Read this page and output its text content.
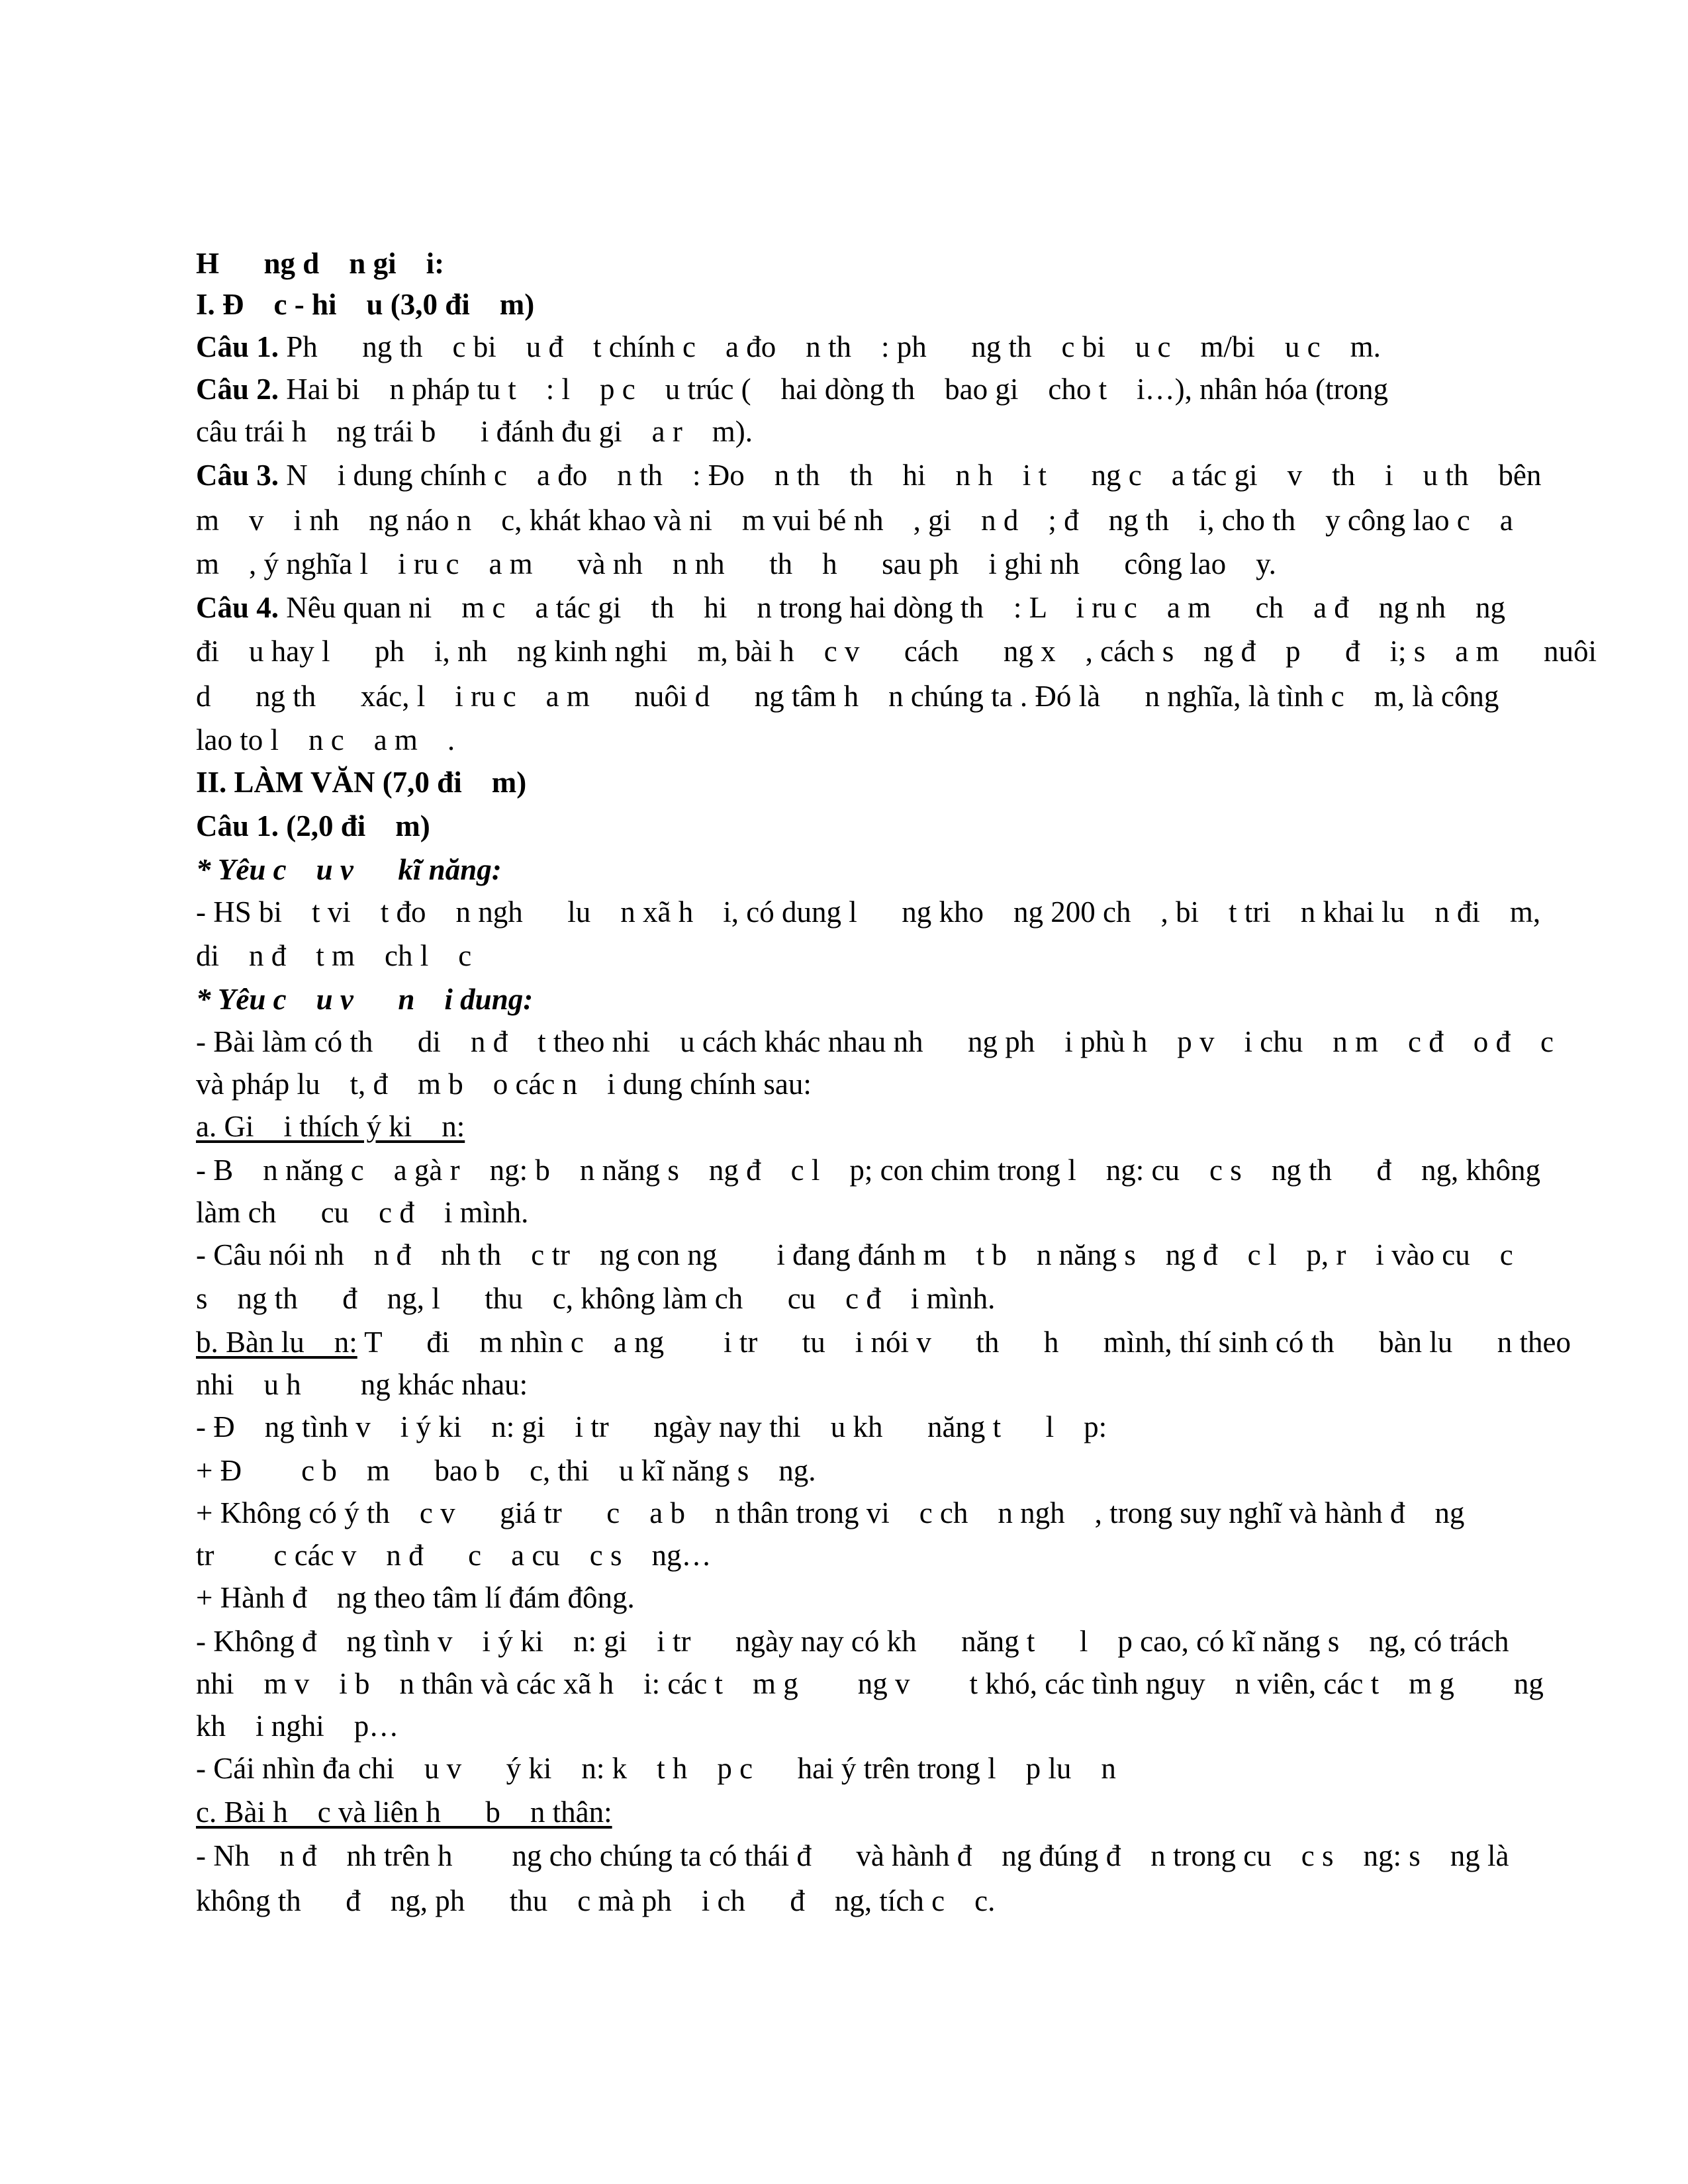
H      ng d    n gi    i:
I. Đ    c - hi    u (3,0 đi    m)
Câu 1. Ph      ng th    c bi    u đ    t chính c    a đo    n th    : ph      ng th    c bi    u c    m/bi    u c    m.
Câu 2. Hai bi    n pháp tu t    : l    p c    u trúc (    hai dòng th    bao gi    cho t    i…), nhân hóa (trong
câu trái h    ng trái b      i đánh đu gi    a r    m).
Câu 3. N    i dung chính c    a đo    n th    : Đo    n th    th    hi    n h    i t      ng c    a tác gi    v    th    i    u th    bên
m    v    i nh    ng náo n    c, khát khao và ni    m vui bé nh    , gi    n d    ; đ    ng th    i, cho th    y công lao c    a
m    , ý nghĩa l    i ru c    a m      và nh    n nh      th    h      sau ph    i ghi nh      công lao    y.
Câu 4. Nêu quan ni    m c    a tác gi    th    hi    n trong hai dòng th    : L    i ru c    a m      ch    a đ    ng nh    ng
đi    u hay l      ph    i, nh    ng kinh nghi    m, bài h    c v      cách      ng x    , cách s    ng đ    p      đ    i; s    a m      nuôi
d      ng th      xác, l    i ru c    a m      nuôi d      ng tâm h    n chúng ta . Đó là      n nghĩa, là tình c    m, là công
lao to l    n c    a m    .
II. LÀM VĂN (7,0 đi    m)
Câu 1. (2,0 đi    m)
* Yêu c    u v      kĩ năng:
- HS bi    t vi    t đo    n ngh      lu    n xã h    i, có dung l      ng kho    ng 200 ch    , bi    t tri    n khai lu    n đi    m,
di    n đ    t m    ch l    c
* Yêu c    u v      n    i dung:
- Bài làm có th      di    n đ    t theo nhi    u cách khác nhau nh      ng ph    i phù h    p v    i chu    n m    c đ    o đ    c
và pháp lu    t, đ    m b    o các n    i dung chính sau:
a. Gi    i thích ý ki    n:
- B    n năng c    a gà r    ng: b    n năng s    ng đ    c l    p; con chim trong l    ng: cu    c s    ng th      đ    ng, không
làm ch      cu    c đ    i mình.
- Câu nói nh    n đ    nh th    c tr    ng con ng        i đang đánh m    t b    n năng s    ng đ    c l    p, r    i vào cu    c
s    ng th      đ    ng, l      thu    c, không làm ch      cu    c đ    i mình.
b. Bàn lu    n: T      đi    m nhìn c    a ng        i tr      tu    i nói v      th      h      mình, thí sinh có th      bàn lu      n theo
nhi    u h        ng khác nhau:
- Đ    ng tình v    i ý ki    n: gi    i tr      ngày nay thi    u kh      năng t      l    p:
+ Đ        c b    m      bao b    c, thi    u kĩ năng s    ng.
+ Không có ý th    c v      giá tr      c    a b    n thân trong vi    c ch    n ngh    , trong suy nghĩ và hành đ    ng
tr        c các v    n đ      c    a cu    c s    ng…
+ Hành đ    ng theo tâm lí đám đông.
- Không đ    ng tình v    i ý ki    n: gi    i tr      ngày nay có kh      năng t      l    p cao, có kĩ năng s    ng, có trách
nhi    m v    i b    n thân và các xã h    i: các t    m g        ng v        t khó, các tình nguy    n viên, các t    m g        ng
kh    i nghi    p…
- Cái nhìn đa chi    u v      ý ki    n: k    t h    p c      hai ý trên trong l    p lu    n
c. Bài h    c và liên h      b    n thân:
- Nh    n đ    nh trên h        ng cho chúng ta có thái đ      và hành đ    ng đúng đ    n trong cu    c s    ng: s    ng là
không th      đ    ng, ph      thu    c mà ph    i ch      đ    ng, tích c    c.
